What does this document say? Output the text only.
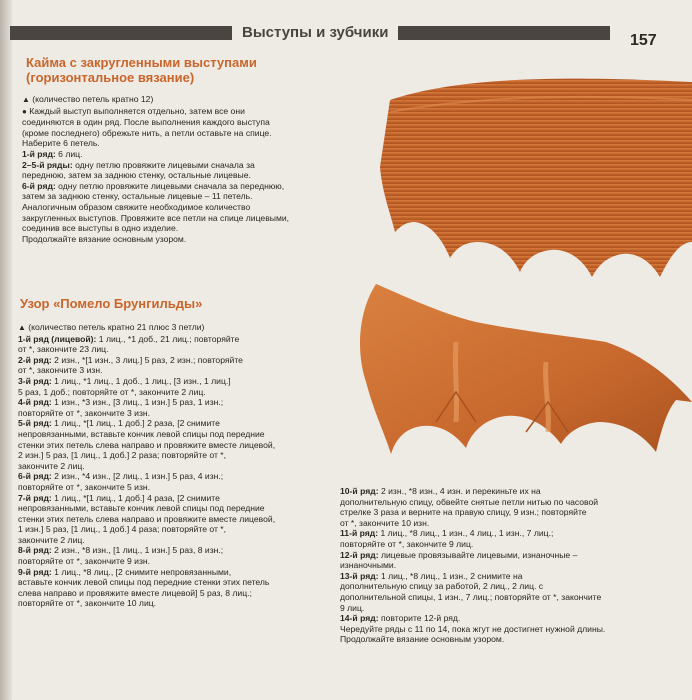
Выступы и зубчики	157
Кайма с закругленными выступами
(горизонтальное вязание)
▲ (количество петель кратно 12)
● Каждый выступ выполняется отдельно, затем все они
соединяются в один ряд. После выполнения каждого выступа
(кроме последнего) обрежьте нить, а петли оставьте на спице.
Наберите 6 петель.
1-й ряд: 6 лиц.
2–5-й ряды: одну петлю провяжите лицевыми сначала за
переднюю, затем за заднюю стенку, остальные лицевые.
6-й ряд: одну петлю провяжите лицевыми сначала за переднюю,
затем за заднюю стенку, остальные лицевые – 11 петель.
Аналогичным образом свяжите необходимое количество
закругленных выступов. Провяжите все петли на спице лицевыми,
соединив все выступы в одно изделие.
Продолжайте вязание основным узором.
Узор «Помело Брунгильды»
▲ (количество петель кратно 21 плюс 3 петли)
1-й ряд (лицевой): 1 лиц., *1 доб., 21 лиц.; повторяйте
от *, закончите 23 лиц.
2-й ряд: 2 изн., *[1 изн., 3 лиц.] 5 раз, 2 изн.; повторяйте
от *, закончите 3 изн.
3-й ряд: 1 лиц., *1 лиц., 1 доб., 1 лиц., [3 изн., 1 лиц.]
5 раз, 1 доб.; повторяйте от *, закончите 2 лиц.
4-й ряд: 1 изн., *3 изн., [3 лиц., 1 изн.] 5 раз, 1 изн.;
повторяйте от *, закончите 3 изн.
5-й ряд: 1 лиц., *[1 лиц., 1 доб.] 2 раза, [2 снимите
непровязанными, вставьте кончик левой спицы под передние
стенки этих петель слева направо и провяжите вместе лицевой,
2 изн.] 5 раз, [1 лиц., 1 доб.] 2 раза; повторяйте от *,
закончите 2 лиц.
6-й ряд: 2 изн., *4 изн., [2 лиц., 1 изн.] 5 раз, 4 изн.;
повторяйте от *, закончите 5 изн.
7-й ряд: 1 лиц., *[1 лиц., 1 доб.] 4 раза, [2 снимите
непровязанными, вставьте кончик левой спицы под передние
стенки этих петель слева направо и провяжите вместе лицевой,
1 изн.] 5 раз, [1 лиц., 1 доб.] 4 раза; повторяйте от *,
закончите 2 лиц.
8-й ряд: 2 изн., *8 изн., [1 лиц., 1 изн.] 5 раз, 8 изн.;
повторяйте от *, закончите 9 изн.
9-й ряд: 1 лиц., *8 лиц., [2 снимите непровязанными,
вставьте кончик левой спицы под передние стенки этих петель
слева направо и провяжите вместе лицевой] 5 раз, 8 лиц.;
повторяйте от *, закончите 10 лиц.
10-й ряд: 2 изн., *8 изн., 4 изн. и перекиньте их на
дополнительную спицу, обвейте снятые петли нитью по часовой
стрелке 3 раза и верните на правую спицу, 9 изн.; повторяйте
от *, закончите 10 изн.
11-й ряд: 1 лиц., *8 лиц., 1 изн., 4 лиц., 1 изн., 7 лиц.;
повторяйте от *, закончите 9 лиц.
12-й ряд: лицевые провязывайте лицевыми, изнаночные –
изнаночными.
13-й ряд: 1 лиц., *8 лиц., 1 изн., 2 снимите на
дополнительную спицу за работой, 2 лиц., 2 лиц. с
дополнительной спицы, 1 изн., 7 лиц.; повторяйте от *, закончите
9 лиц.
14-й ряд: повторите 12-й ряд.
Чередуйте ряды с 11 по 14, пока жгут не достигнет нужной длины.
Продолжайте вязание основным узором.
